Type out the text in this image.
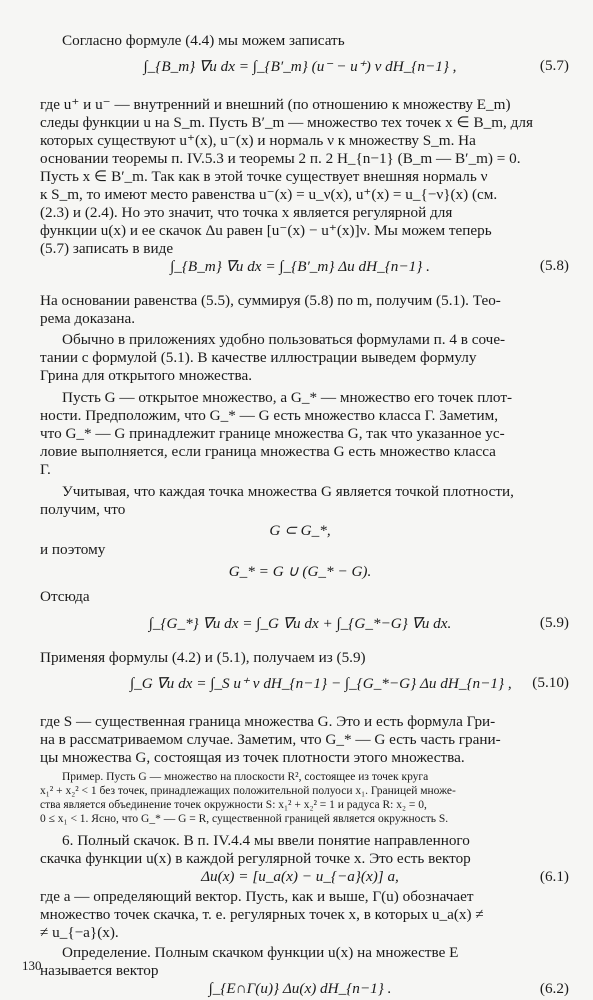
Согласно формуле (4.4) мы можем записать
∫_{B_m} ∇u dx = ∫_{B′_m} (u⁻ − u⁺) ν dH_{n−1} ,	(5.7)
где u⁺ и u⁻ — внутренний и внешний (по отношению к множеству E_m)
следы функции u на S_m. Пусть B′_m — множество тех точек x ∈ B_m, для
которых существуют u⁺(x), u⁻(x) и нормаль ν к множеству S_m. На
основании теоремы п. IV.5.3 и теоремы 2 п. 2 H_{n−1} (B_m — B′_m) = 0.
Пусть x ∈ B′_m. Так как в этой точке существует внешняя нормаль ν
к S_m, то имеют место равенства u⁻(x) = u_ν(x), u⁺(x) = u_{−ν}(x) (см.
(2.3) и (2.4). Но это значит, что точка x является регулярной для
функции u(x) и ее скачок Δu равен [u⁻(x) − u⁺(x)]ν. Мы можем теперь
(5.7) записать в виде
∫_{B_m} ∇u dx = ∫_{B′_m} Δu dH_{n−1} .	(5.8)
На основании равенства (5.5), суммируя (5.8) по m, получим (5.1). Тео-
рема доказана.
Обычно в приложениях удобно пользоваться формулами п. 4 в соче-
тании с формулой (5.1). В качестве иллюстрации выведем формулу
Грина для открытого множества.
Пусть G — открытое множество, а G_* — множество его точек плот-
ности. Предположим, что G_* — G есть множество класса Γ. Заметим,
что G_* — G принадлежит границе множества G, так что указанное ус-
ловие выполняется, если граница множества G есть множество класса
Γ.
Учитывая, что каждая точка множества G является точкой плотности,
получим, что
G ⊂ G_*,
и поэтому
G_* = G ∪ (G_* − G).
Отсюда
∫_{G_*} ∇u dx = ∫_G ∇u dx + ∫_{G_*−G} ∇u dx.	(5.9)
Применяя формулы (4.2) и (5.1), получаем из (5.9)
∫_G ∇u dx = ∫_S u⁺ ν dH_{n−1} − ∫_{G_*−G} Δu dH_{n−1} , (5.10)
где S — существенная граница множества G. Это и есть формула Гри-
на в рассматриваемом случае. Заметим, что G_* — G есть часть грани-
цы множества G, состоящая из точек плотности этого множества.
Пример. Пусть G — множество на плоскости R², состоящее из точек круга
x₁² + x₂² < 1 без точек, принадлежащих положительной полуоси x₁. Границей множе-
ства является объединение точек окружности S: x₁² + x₂² = 1 и радуса R: x₂ = 0,
0 ≤ x₁ < 1. Ясно, что G_* — G = R, существенной границей является окружность S.
6. Полный скачок. В п. IV.4.4 мы ввели понятие направленного
скачка функции u(x) в каждой регулярной точке x. Это есть вектор
Δu(x) = [u_a(x) − u_{−a}(x)] a,	(6.1)
где a — определяющий вектор. Пусть, как и выше, Γ(u) обозначает
множество точек скачка, т. е. регулярных точек x, в которых u_a(x) ≠
≠ u_{−a}(x).
Определение. Полным скачком функции u(x) на множестве E
называется вектор
∫_{E∩Γ(u)} Δu(x) dH_{n−1} .	(6.2)
130
